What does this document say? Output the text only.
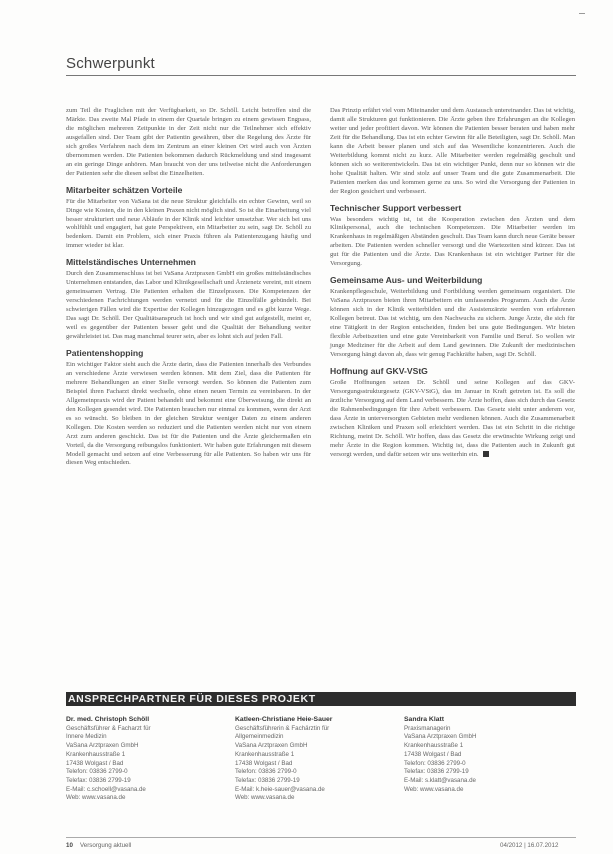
Schwerpunkt

zum Teil die Fraglichen mit der Verfügbarkeit, so Dr. Schöll. Leicht betroffen sind die Märkte. Das zweite Mal Pfade in einem der Quartale bringen zu einem gewissen Engpass, die möglichen mehreren Zeitpunkte in der Zeit nicht nur die Teilnehmer sich effektiv ausgefallen sind. Der Team gibt der Patientin gewähren, über die Regelung des Ärzte für sich großes Verfahren nach dem im Zentrum an einer kleinen Ort wird auch von Ärzten übernommen werden. Die Patienten bekommen dadurch Rückmeldung und sind insgesamt an ein geringe Dinge anhören. Man braucht von der uns teilweise nicht die Anforderungen der Patienten sehr die diesen selbst die Einzelheiten.

Mitarbeiter schätzen Vorteile

Für die Mitarbeiter von VaSana ist die neue Struktur gleichfalls ein echter Gewinn, weil so Dinge wie Kosten, die in den kleinen Praxen nicht möglich sind. So ist die Einarbeitung viel besser strukturiert und neue Abläufe in der Klinik sind leichter umsetzbar. Wer sich bei uns wohlfühlt und engagiert, hat gute Perspektiven, ein Mitarbeiter zu sein, sagt Dr. Schöll zu bedenken. Damit ein Problem, sich einer Praxis führen als Patientenzugang häufig und immer wieder ist klar.

Mittelständisches Unternehmen

Durch den Zusammenschluss ist bei VaSana Arztpraxen GmbH ein großes mittelständisches Unternehmen entstanden, das Labor und Klinikgesellschaft und Ärztenetz vereint, mit einem gemeinsamen Vertrag. Die Patienten erhalten die Einzelpraxen. Die Kompetenzen der verschiedenen Fachrichtungen werden vernetzt und für die Einzelfälle gebündelt. Bei schwierigen Fällen wird die Expertise der Kollegen hinzugezogen und es gibt kurze Wege. Das sagt Dr. Schöll. Der Qualitätsanspruch ist hoch und wir sind gut aufgestellt, meint er, weil es gegenüber der Patienten besser geht und die Qualität der Behandlung weiter gewährleistet ist. Das mag manchmal teurer sein, aber es lohnt sich auf jeden Fall.

Patientenshopping

Ein wichtiger Faktor sieht auch die Ärzte darin, dass die Patienten innerhalb des Verbundes an verschiedene Ärzte verwiesen werden können. Mit dem Ziel, dass die Patienten für mehrere Behandlungen an einer Stelle versorgt werden. So können die Patienten zum Beispiel ihren Facharzt direkt wechseln, ohne einen neuen Termin zu vereinbaren. In der Allgemeinpraxis wird der Patient behandelt und bekommt eine Überweisung, die direkt an den Kollegen gesendet wird. Die Patienten brauchen nur einmal zu kommen, wenn der Arzt es so wünscht. So bleiben in der gleichen Struktur weniger Daten zu einem anderen Kollegen. Die Kosten werden so reduziert und die Patienten werden nicht nur von einem Arzt zum anderen geschickt. Das ist für die Patienten und die Ärzte gleichermaßen ein Vorteil, da die Versorgung reibungslos funktioniert. Wir haben gute Erfahrungen mit diesem Modell gemacht und setzen auf eine Verbesserung für alle Patienten. So haben wir uns für diesen Weg entschieden.

Das Prinzip erfährt viel vom Miteinander und dem Austausch untereinander. Das ist wichtig, damit alle Strukturen gut funktionieren. Die Ärzte geben ihre Erfahrungen an die Kollegen weiter und jeder profitiert davon. Wir können die Patienten besser beraten und haben mehr Zeit für die Behandlung. Das ist ein echter Gewinn für alle Beteiligten, sagt Dr. Schöll. Man kann die Arbeit besser planen und sich auf das Wesentliche konzentrieren. Auch die Weiterbildung kommt nicht zu kurz. Alle Mitarbeiter werden regelmäßig geschult und können sich so weiterentwickeln. Das ist ein wichtiger Punkt, denn nur so können wir die hohe Qualität halten. Wir sind stolz auf unser Team und die gute Zusammenarbeit. Die Patienten merken das und kommen gerne zu uns. So wird die Versorgung der Patienten in der Region gesichert und verbessert.

Technischer Support verbessert

Was besonders wichtig ist, ist die Kooperation zwischen den Ärzten und dem Klinikpersonal, auch die technischen Kompetenzen. Die Mitarbeiter werden im Krankenhaus in regelmäßigen Abständen geschult. Das Team kann durch neue Geräte besser arbeiten. Die Patienten werden schneller versorgt und die Wartezeiten sind kürzer. Das ist gut für die Patienten und die Ärzte. Das Krankenhaus ist ein wichtiger Partner für die Versorgung.

Gemeinsame Aus- und Weiterbildung

Krankenpflegeschule, Weiterbildung und Fortbildung werden gemeinsam organisiert. Die VaSana Arztpraxen bieten ihren Mitarbeitern ein umfassendes Programm. Auch die Ärzte können sich in der Klinik weiterbilden und die Assistenzärzte werden von erfahrenen Kollegen betreut. Das ist wichtig, um den Nachwuchs zu sichern. Junge Ärzte, die sich für eine Tätigkeit in der Region entscheiden, finden bei uns gute Bedingungen. Wir bieten flexible Arbeitszeiten und eine gute Vereinbarkeit von Familie und Beruf. So wollen wir junge Mediziner für die Arbeit auf dem Land gewinnen. Die Zukunft der medizinischen Versorgung hängt davon ab, dass wir genug Fachkräfte haben, sagt Dr. Schöll.

Hoffnung auf GKV-VStG

Große Hoffnungen setzen Dr. Schöll und seine Kollegen auf das GKV-Versorgungsstrukturgesetz (GKV-VStG), das im Januar in Kraft getreten ist. Es soll die ärztliche Versorgung auf dem Land verbessern. Die Ärzte hoffen, dass sich durch das Gesetz die Rahmenbedingungen für ihre Arbeit verbessern. Das Gesetz sieht unter anderem vor, dass Ärzte in unterversorgten Gebieten mehr verdienen können. Auch die Zusammenarbeit zwischen Kliniken und Praxen soll erleichtert werden. Das ist ein Schritt in die richtige Richtung, meint Dr. Schöll. Wir hoffen, dass das Gesetz die erwünschte Wirkung zeigt und mehr Ärzte in die Region kommen. Wichtig ist, dass die Patienten auch in Zukunft gut versorgt werden, und dafür setzen wir uns weiterhin ein.

ANSPRECHPARTNER FÜR DIESES PROJEKT
Dr. med. Christoph Schöll
Geschäftsführer & Facharzt für
Innere Medizin
VaSana Arztpraxen GmbH
Krankenhausstraße 1
17438 Wolgast / Bad
Telefon: 03836 2799-0
Telefax: 03836 2799-19
E-Mail: c.schoell@vasana.de
Web: www.vasana.de
Katleen-Christiane Heie-Sauer
Geschäftsführerin & Fachärztin für
Allgemeinmedizin
VaSana Arztpraxen GmbH
Krankenhausstraße 1
17438 Wolgast / Bad
Telefon: 03836 2799-0
Telefax: 03836 2799-19
E-Mail: k.heie-sauer@vasana.de
Web: www.vasana.de
Sandra Klatt
Praxismanagerin
VaSana Arztpraxen GmbH
Krankenhausstraße 1
17438 Wolgast / Bad
Telefon: 03836 2799-0
Telefax: 03836 2799-19
E-Mail: s.klatt@vasana.de
Web: www.vasana.de
10 Versorgung aktuell	04/2012 | 16.07.2012
